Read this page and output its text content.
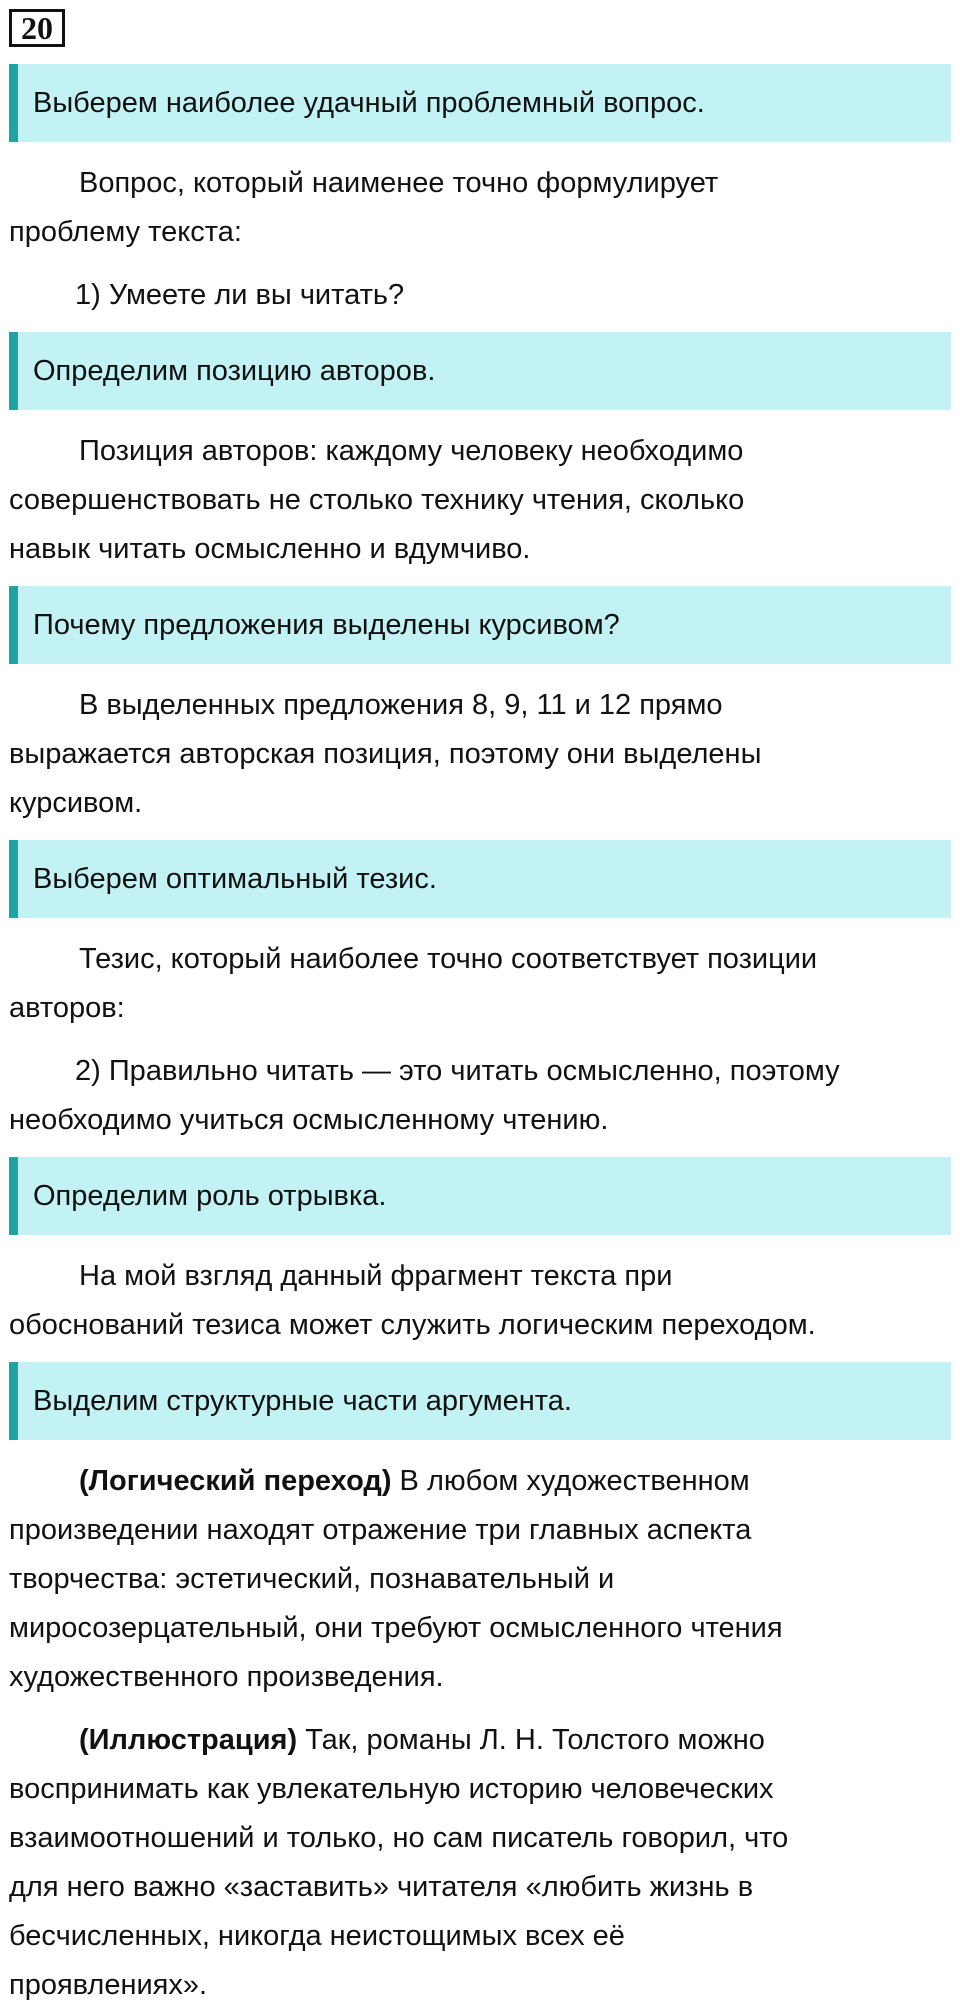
20
Выберем наиболее удачный проблемный вопрос.
Вопрос, который наименее точно формулирует
проблему текста:
1) Умеете ли вы читать?
Определим позицию авторов.
Позиция авторов: каждому человеку необходимо
совершенствовать не столько технику чтения, сколько
навык читать осмысленно и вдумчиво.
Почему предложения выделены курсивом?
В выделенных предложения 8, 9, 11 и 12 прямо
выражается авторская позиция, поэтому они выделены
курсивом.
Выберем оптимальный тезис.
Тезис, который наиболее точно соответствует позиции
авторов:
2) Правильно читать — это читать осмысленно, поэтому
необходимо учиться осмысленному чтению.
Определим роль отрывка.
На мой взгляд данный фрагмент текста при
обоснований тезиса может служить логическим переходом.
Выделим структурные части аргумента.
(Логический переход) В любом художественном
произведении находят отражение три главных аспекта
творчества: эстетический, познавательный и
миросозерцательный, они требуют осмысленного чтения
художественного произведения.
(Иллюстрация) Так, романы Л. Н. Толстого можно
воспринимать как увлекательную историю человеческих
взаимоотношений и только, но сам писатель говорил, что
для него важно «заставить» читателя «любить жизнь в
бесчисленных, никогда неистощимых всех её
проявлениях».
